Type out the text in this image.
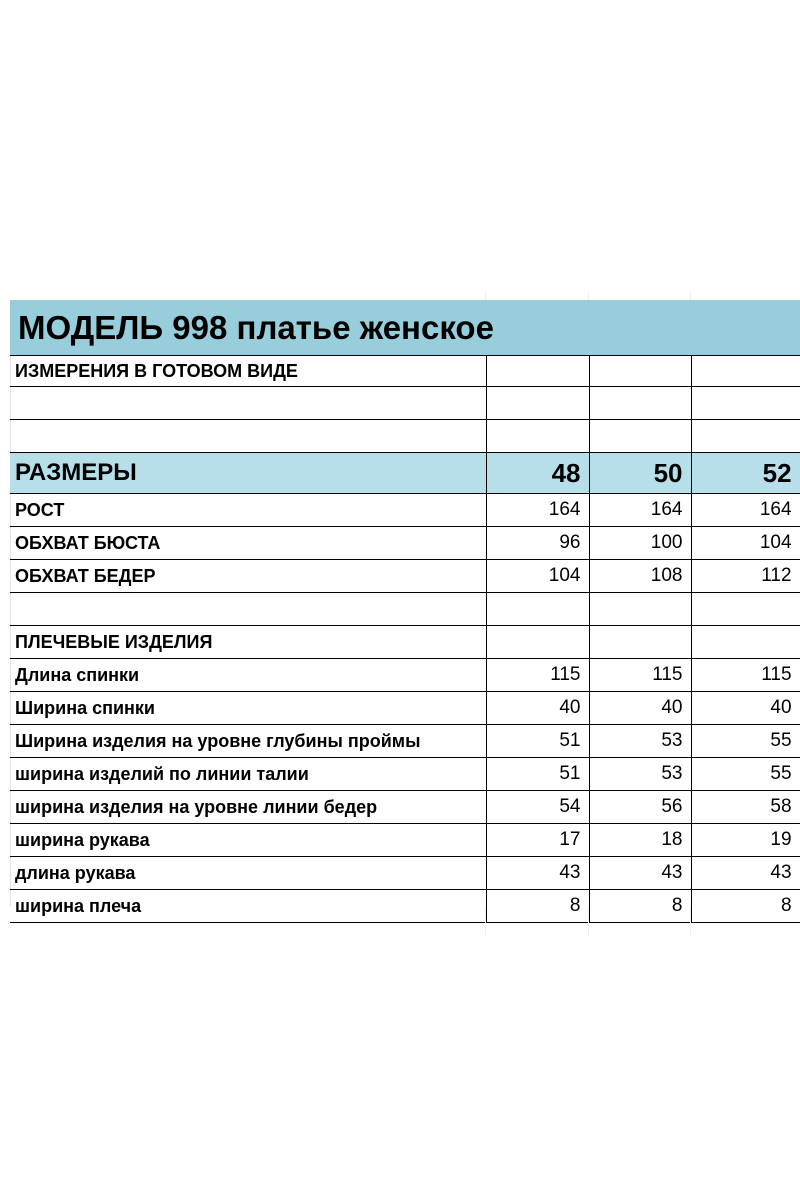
МОДЕЛЬ 998 платье женское			
ИЗМЕРЕНИЯ В ГОТОВОМ ВИДЕ			

РАЗМЕРЫ	48	50	52
РОСТ	164	164	164
ОБХВАТ БЮСТА	96	100	104
ОБХВАТ БЕДЕР	104	108	112

ПЛЕЧЕВЫЕ ИЗДЕЛИЯ			
Длина спинки	115	115	115
Ширина спинки	40	40	40
Ширина изделия на уровне глубины проймы	51	53	55
ширина изделий по линии талии	51	53	55
ширина изделия на уровне линии бедер	54	56	58
ширина рукава	17	18	19
длина рукава	43	43	43
ширина плеча	8	8	8
